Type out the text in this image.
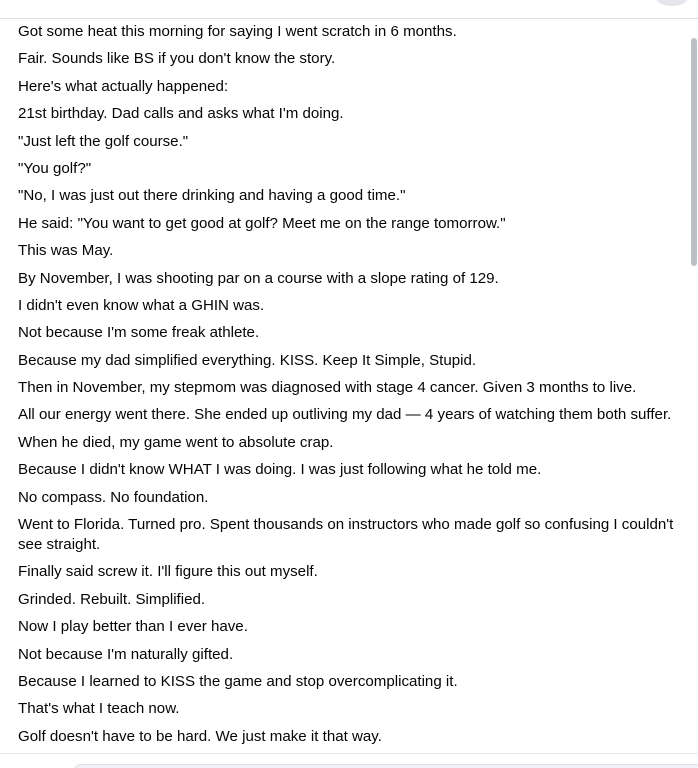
Got some heat this morning for saying I went scratch in 6 months.
Fair. Sounds like BS if you don't know the story.
Here's what actually happened:
21st birthday. Dad calls and asks what I'm doing.
"Just left the golf course."
"You golf?"
"No, I was just out there drinking and having a good time."
He said: "You want to get good at golf? Meet me on the range tomorrow."
This was May.
By November, I was shooting par on a course with a slope rating of 129.
I didn't even know what a GHIN was.
Not because I'm some freak athlete.
Because my dad simplified everything. KISS. Keep It Simple, Stupid.
Then in November, my stepmom was diagnosed with stage 4 cancer. Given 3 months to live.
All our energy went there. She ended up outliving my dad — 4 years of watching them both suffer.
When he died, my game went to absolute crap.
Because I didn't know WHAT I was doing. I was just following what he told me.
No compass. No foundation.
Went to Florida. Turned pro. Spent thousands on instructors who made golf so confusing I couldn't see straight.
Finally said screw it. I'll figure this out myself.
Grinded. Rebuilt. Simplified.
Now I play better than I ever have.
Not because I'm naturally gifted.
Because I learned to KISS the game and stop overcomplicating it.
That's what I teach now.
Golf doesn't have to be hard. We just make it that way.
